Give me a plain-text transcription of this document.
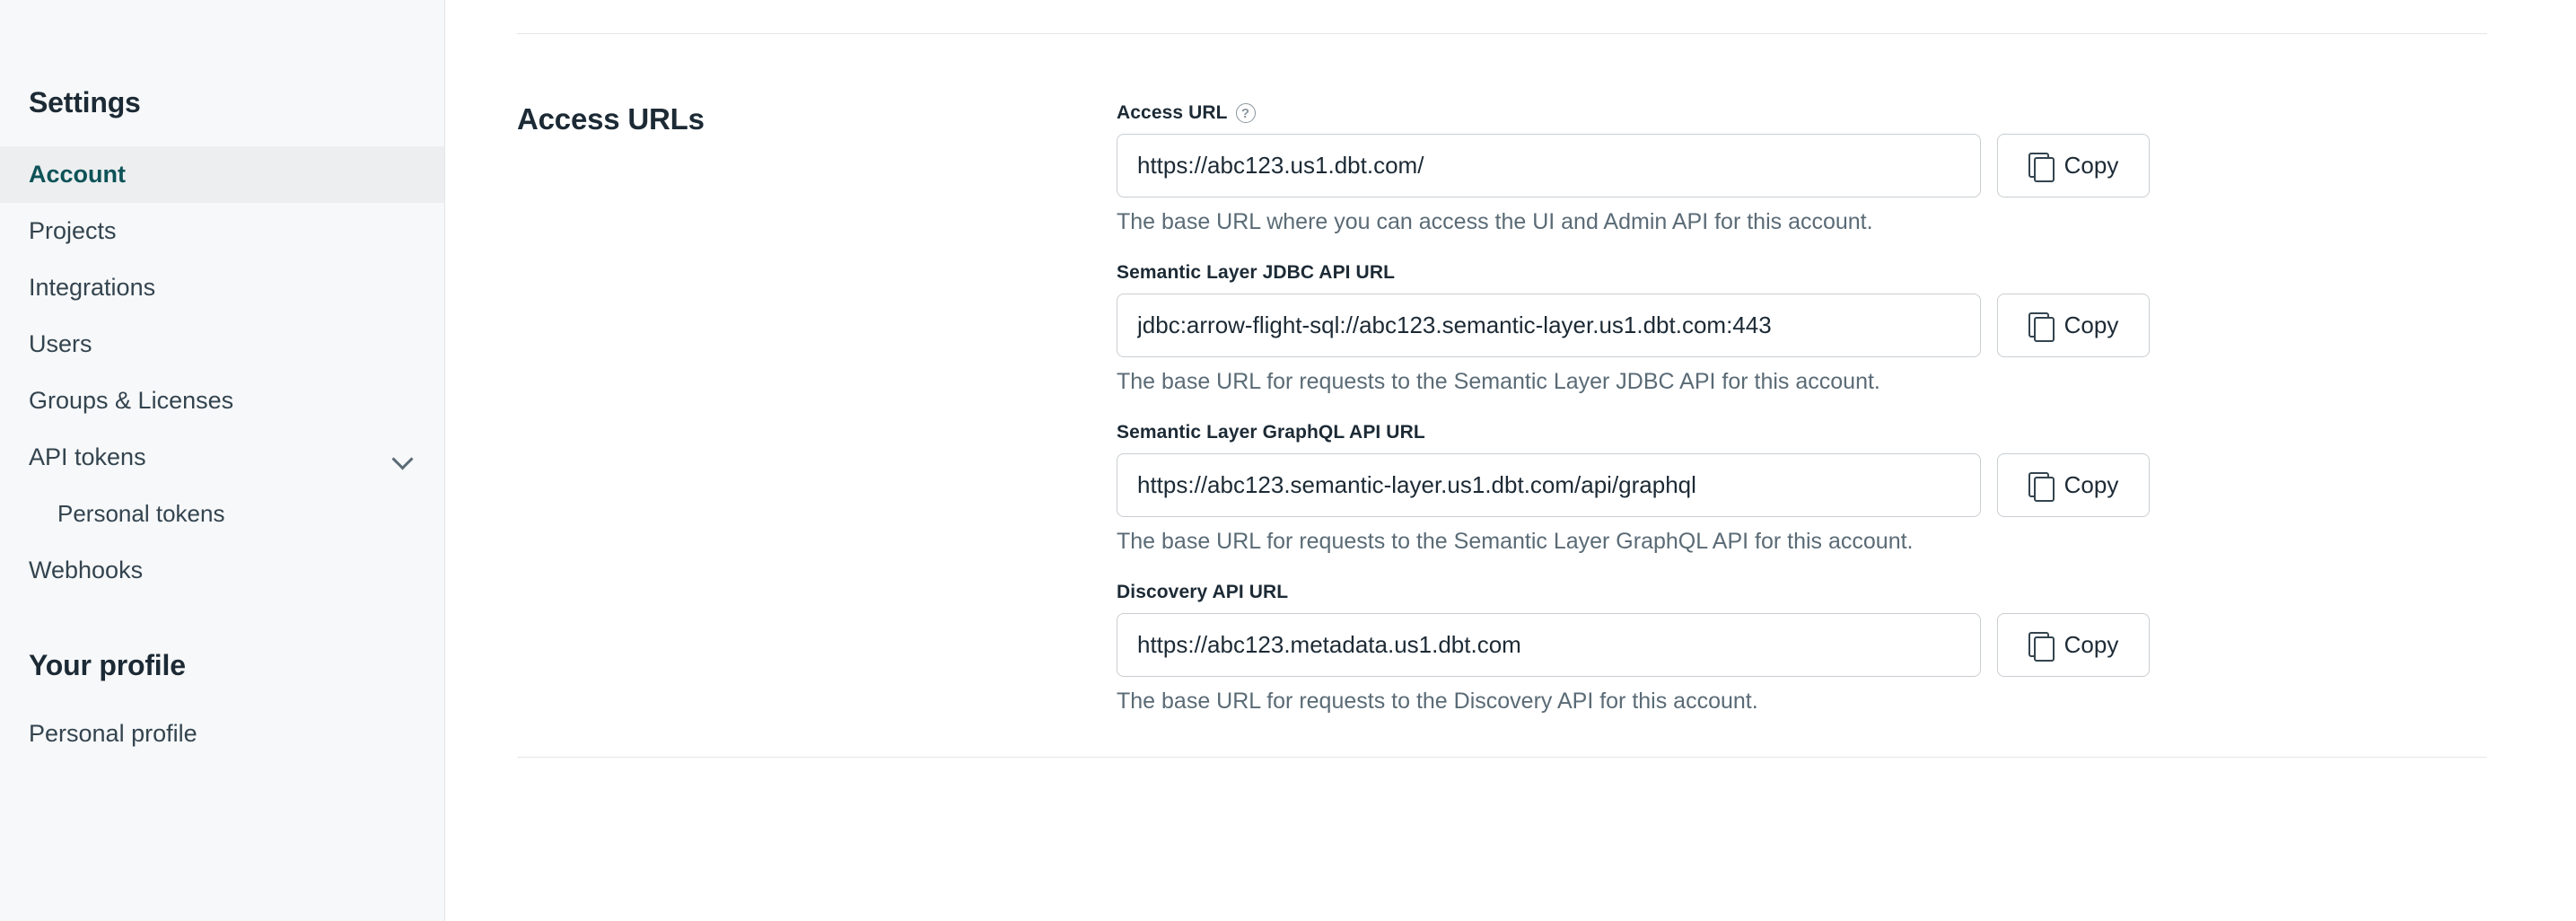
Settings
Account
Projects
Integrations
Users
Groups & Licenses
API tokens
Personal tokens
Webhooks
Your profile
Personal profile
Access URLs	Access URL	?
https://abc123.us1.dbt.com/
Copy
The base URL where you can access the UI and Admin API for this account.
Semantic Layer JDBC API URL
jdbc:arrow-flight-sql://abc123.semantic-layer.us1.dbt.com:443
Copy
The base URL for requests to the Semantic Layer JDBC API for this account.
Semantic Layer GraphQL API URL
https://abc123.semantic-layer.us1.dbt.com/api/graphql
Copy
The base URL for requests to the Semantic Layer GraphQL API for this account.
Discovery API URL
https://abc123.metadata.us1.dbt.com
Copy
The base URL for requests to the Discovery API for this account.
